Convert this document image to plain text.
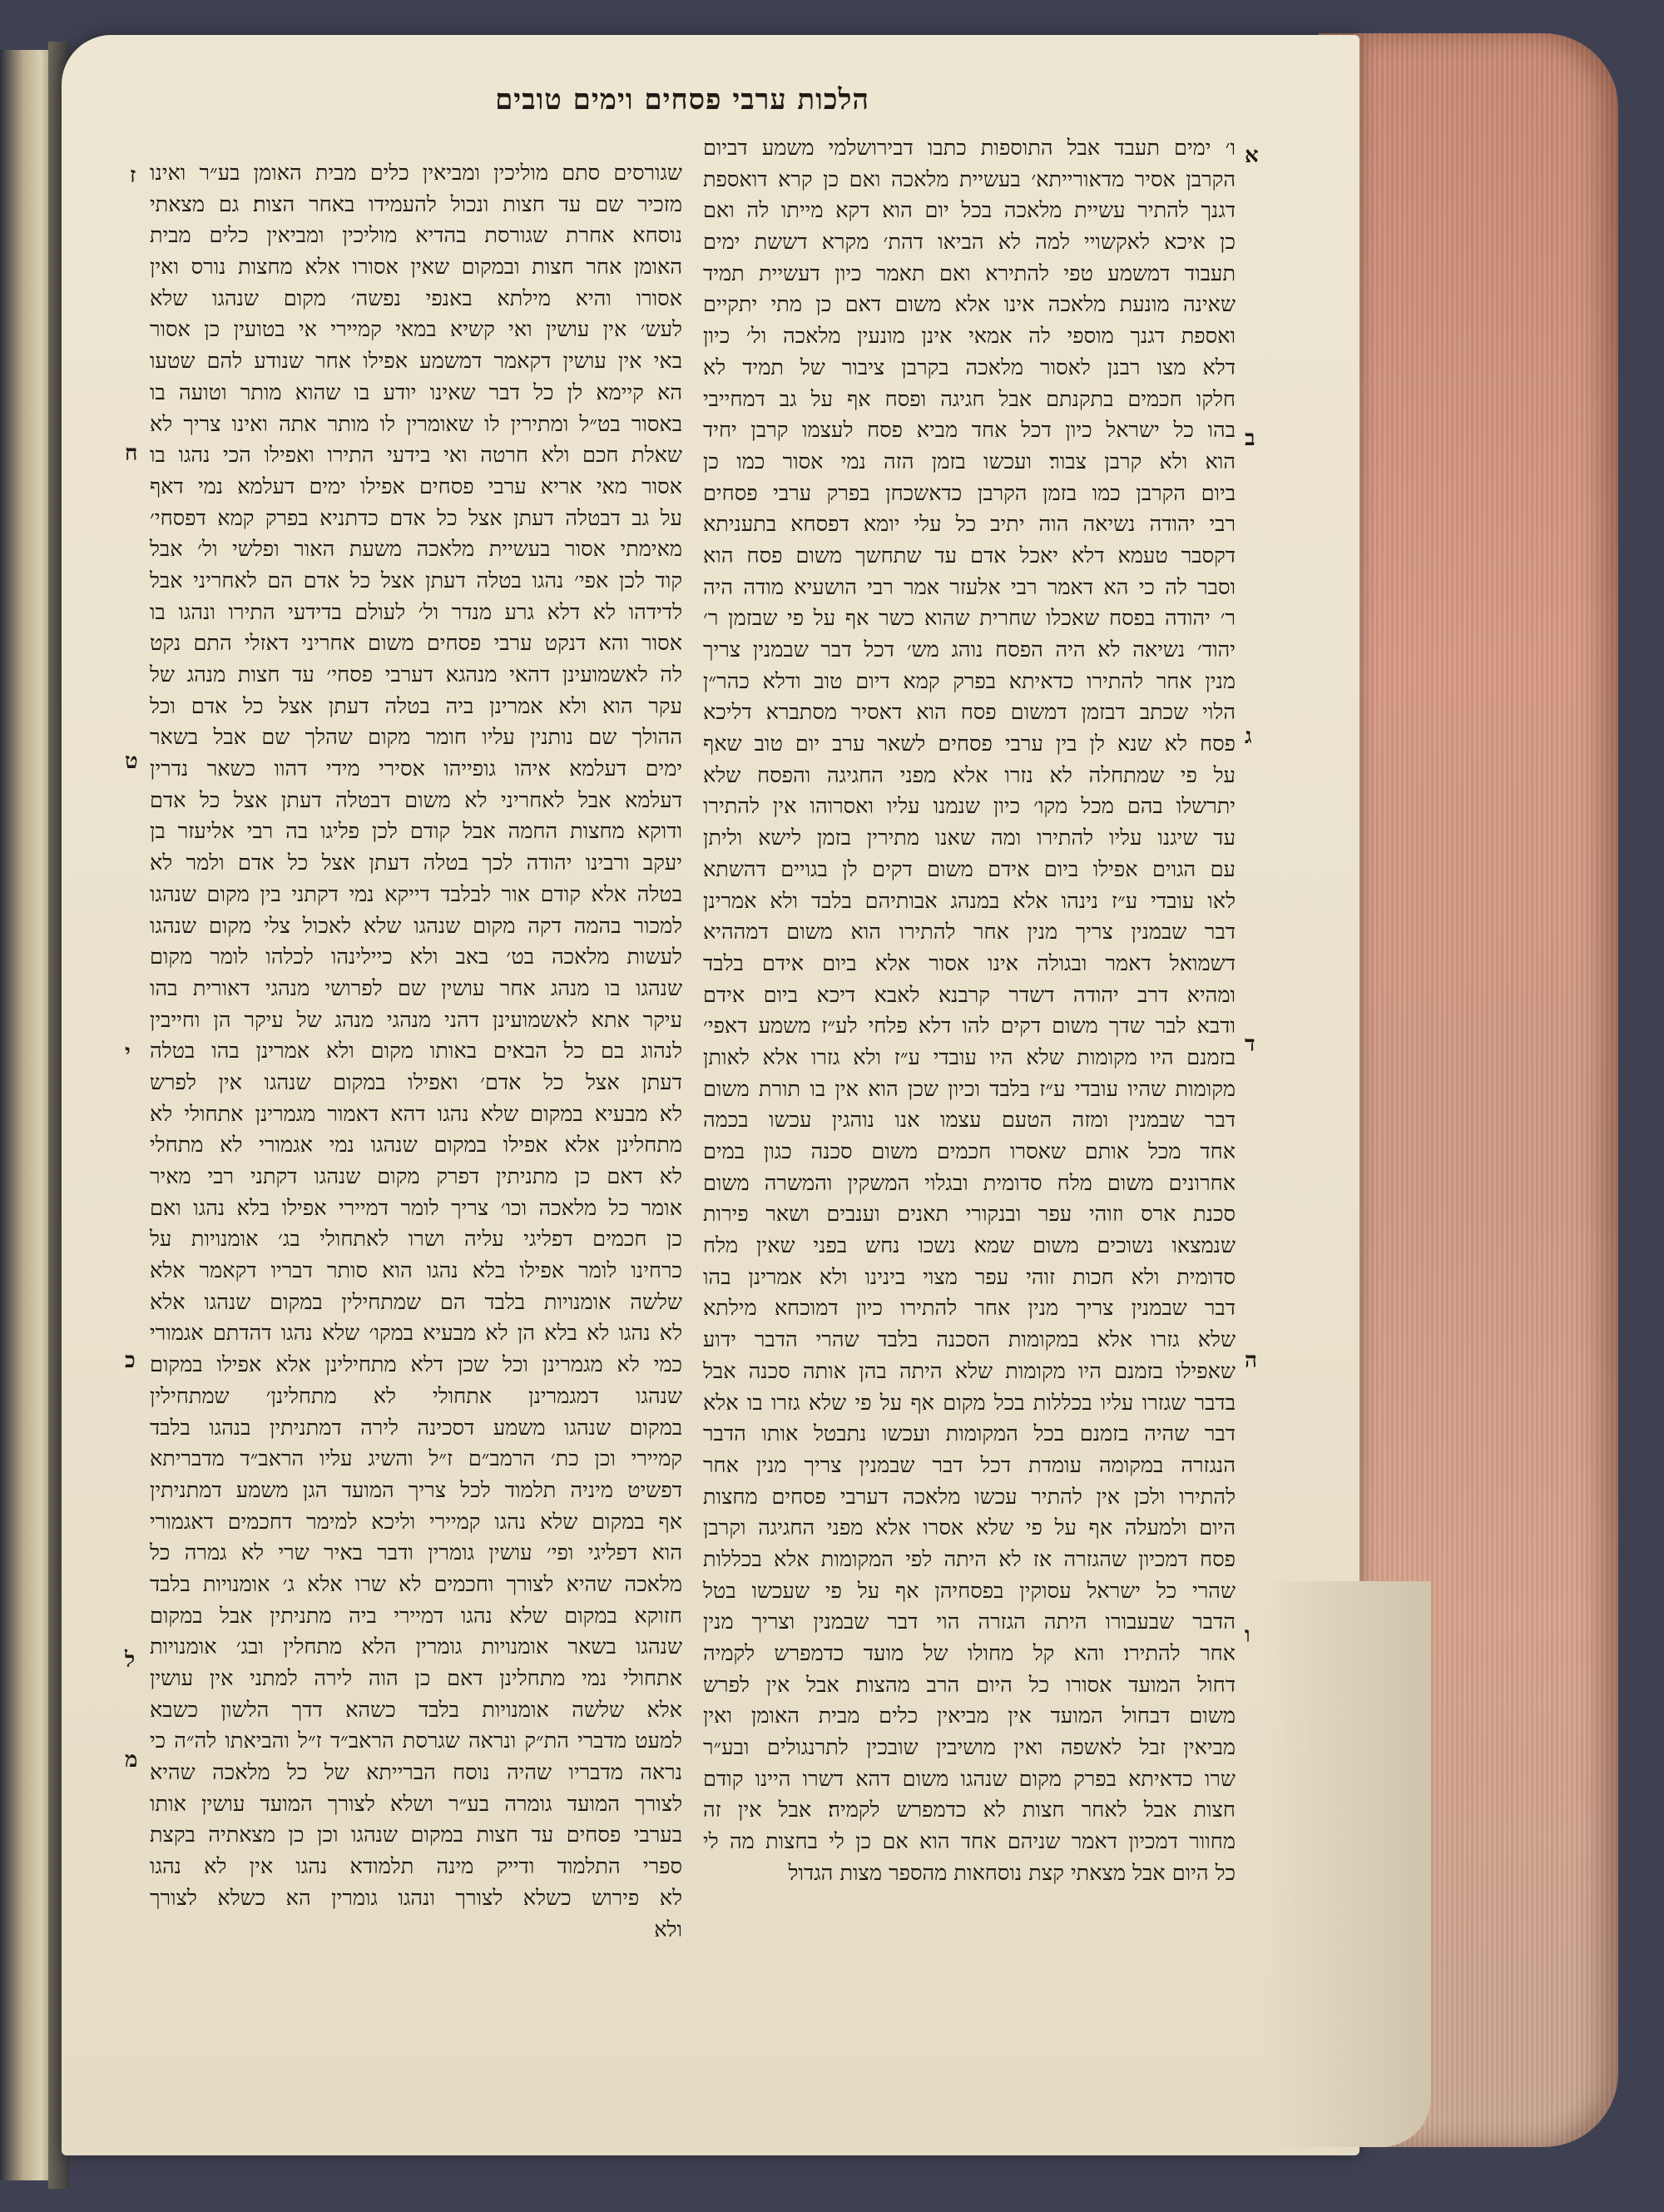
הלכות ערבי פסחים וימים טובים
ו׳ ימים תעבד אבל התוספות כתבו דבירושלמי משמע דביום
הקרבן אסיר מדאורייתא׳ בעשיית מלאכה ואם כן קרא דואספת
דגנך להתיר עשיית מלאכה בכל יום הוא דקא מייתו לה ואם
כן איכא לאקשויי למה לא הביאו דהת׳ מקרא דששת ימים
תעבוד דמשמע טפי להתירא ואם תאמר כיון דעשיית תמיד
שאינה מונעת מלאכה אינו אלא משום דאם כן מתי יתקיים
ואספת דגנך מוספי לה אמאי אינן מונעין מלאכה ול׳ כיון
דלא מצו רבנן לאסור מלאכה בקרבן ציבור של תמיד לא
חלקו חכמים בתקנתם אבל חגיגה ופסח אף על גב דמחייבי
בהו כל ישראל כיון דכל אחד מביא פסח לעצמו קרבן יחיד
הוא ולא קרבן צבור׃ ועכשו בזמן הזה נמי אסור כמו כן
ביום הקרבן כמו בזמן הקרבן כדאשכחן בפרק ערבי פסחים
רבי יהודה נשיאה הוה יתיב כל עלי יומא דפסחא בתעניתא
דקסבר טעמא דלא יאכל אדם עד שתחשך משום פסח הוא
וסבר לה כי הא דאמר רבי אלעזר אמר רבי הושעיא מודה היה
ר׳ יהודה בפסח שאכלו שחרית שהוא כשר אף על פי שבזמן ר׳
יהוד׳ נשיאה לא היה הפסח נוהג מש׳ דכל דבר שבמנין צריך
מנין אחר להתירו כדאיתא בפרק קמא דיום טוב ודלא כהר״ן
הלוי שכתב דבזמן דמשום פסח הוא דאסיר מסתברא דליכא
פסח לא שנא לן בין ערבי פסחים לשאר ערב יום טוב שאף
על פי שמתחלה לא נזרו אלא מפני החגיגה והפסח שלא
יתרשלו בהם מכל מקו׳ כיון שנמנו עליו ואסרוהו אין להתירו
עד שיגנו עליו להתירו ומה שאנו מתירין בזמן לישא וליתן
עם הגוים אפילו ביום אידם משום דקים לן בגויים דהשתא
לאו עובדי ע״ז נינהו אלא במנהג אבותיהם בלבד ולא אמרינן
דבר שבמנין צריך מנין אחר להתירו הוא משום דמההיא
דשמואל דאמר ובגולה אינו אסור אלא ביום אידם בלבד
ומהיא דרב יהודה דשדר קרבנא לאבא דיכא ביום אידם
ודבא לבר שדך משום דקים להו דלא פלחי לע״ז משמע דאפי׳
בזמנם היו מקומות שלא היו עובדי ע״ז ולא גזרו אלא לאותן
מקומות שהיו עובדי ע״ז בלבד וכיון שכן הוא אין בו תורת משום
דבר שבמנין ומזה הטעם עצמו אנו נוהגין עכשו בכמה
אחד מכל אותם שאסרו חכמים משום סכנה כגון במים
אחרונים משום מלח סדומית ובגלוי המשקין והמשרה משום
סכנת ארס וזוהי עפר ובנקורי תאנים וענבים ושאר פירות
שנמצאו נשוכים משום שמא נשכו נחש בפני שאין מלח
סדומית ולא חכות זוהי עפר מצוי בינינו ולא אמרינן בהו
דבר שבמנין צריך מנין אחר להתירו כיון דמוכחא מילתא
שלא גזרו אלא במקומות הסכנה בלבד שהרי הדבר ידוע
שאפילו בזמנם היו מקומות שלא היתה בהן אותה סכנה אבל
בדבר שגזרו עליו בכללות בכל מקום אף על פי שלא גזרו בו אלא
דבר שהיה בזמנם בכל המקומות ועכשו נתבטל אותו הדבר
הנגזרה במקומה עומדת דכל דבר שבמנין צריך מנין אחר
להתירו ולכן אין להתיר עכשו מלאכה דערבי פסחים מחצות
היום ולמעלה אף על פי שלא אסרו אלא מפני החגיגה וקרבן
פסח דמכיון שהגזרה אז לא היתה לפי המקומות אלא בכללות
שהרי כל ישראל עסוקין בפסחיהן אף על פי שעכשו בטל
הדבר שבעבורו היתה הגזרה הוי דבר שבמנין וצריך מנין
אחר להתירו׃ והא קל מחולו של מועד כדמפרש לקמיה
דחול המועד אסורו כל היום הרב מהצות׃ אבל אין לפרש
משום דבחול המועד אין מביאין כלים מבית האומן ואין
מביאין זבל לאשפה ואין מושיבין שובכין לתרנגולים ובע״ר
שרו כדאיתא בפרק מקום שנהגו משום דהא דשרו היינו קודם
חצות אבל לאחר חצות לא כדמפרש לקמיה׃ אבל אין זה
מחוור דמכיון דאמר שניהם אחד הוא אם כן לי בחצות מה לי
כל היום אבל מצאתי קצת נוסחאות מהספר מצות הגדול
שגורסים סתם מוליכין ומביאין כלים מבית האומן בע״ר ואינו
מזכיר שם עד חצות ונכול להעמידו באחר הצות׃ גם מצאתי
נוסחא אחרת שגורסת בהדיא מוליכין ומביאין כלים מבית
האומן אחר חצות ובמקום שאין אסורו אלא מחצות נורס ואין
אסורו והיא מילתא באנפי נפשה׳ מקום שנהגו שלא
לעש׳ אין עושין ואי קשיא במאי קמיירי אי בטועין כן אסור
באי אין עושין דקאמר דמשמע אפילו אחר שנודע להם שטעו
הא קיימא לן כל דבר שאינו יודע בו שהוא מותר וטועה בו
באסור בט״ל ומתירין לו שאומרין לו מותר אתה ואינו צריך לא
שאלת חכם ולא חרטה ואי בידעי התירו ואפילו הכי נהגו בו
אסור מאי אריא ערבי פסחים אפילו ימים דעלמא נמי דאף
על גב דבטלה דעתן אצל כל אדם כדתניא בפרק קמא דפסחי׳
מאימתי אסור בעשיית מלאכה משעת האור ופלשי ול׳ אבל
קוד לכן אפי׳ נהגו בטלה דעתן אצל כל אדם הם לאחריני אבל
לדידהו לא דלא גרע מנדר ול׳ לעולם בדידעי התירו ונהגו בו
אסור והא דנקט ערבי פסחים משום אחריני דאזלי התם נקט
לה לאשמועינן דהאי מנהגא דערבי פסחי׳ עד חצות מנהג של
עקר הוא ולא אמרינן ביה בטלה דעתן אצל כל אדם וכל
ההולך שם נותנין עליו חומר מקום שהלך שם אבל בשאר
ימים דעלמא איהו גופייהו אסירי מידי דהוו כשאר נדרין
דעלמא אבל לאחריני לא משום דבטלה דעתן אצל כל אדם
ודוקא מחצות החמה אבל קודם לכן פליגו בה רבי אליעזר בן
יעקב ורבינו יהודה לכך בטלה דעתן אצל כל אדם ולמר לא
בטלה אלא קודם אור לבלבד דייקא נמי דקתני בין מקום שנהגו
למכור בהמה דקה מקום שנהגו שלא לאכול צלי מקום שנהגו
לעשות מלאכה בט׳ באב ולא כיילינהו לכלהו לומר מקום
שנהגו בו מנהג אחר עושין שם לפרושי מנהגי דאורית בהו
עיקר אתא לאשמועינן דהני מנהגי מנהג של עיקר הן וחייבין
לנהוג בם כל הבאים באותו מקום ולא אמרינן בהו בטלה
דעתן אצל כל אדם׳ ואפילו במקום שנהגו אין לפרש
לא מבעיא במקום שלא נהגו דהא דאמור מגמרינן אתחולי לא
מתחלינן אלא אפילו במקום שנהגו נמי אגמורי לא מתחלי
לא דאם כן מתניתין דפרק מקום שנהגו דקתני רבי מאיר
אומר כל מלאכה וכו׳ צריך לומר דמיירי אפילו בלא נהגו ואם
כן חכמים דפליגי עליה ושרו לאתחולי בג׳ אומנויות על
כרחינו לומר אפילו בלא נהגו הוא סותר דבריו דקאמר אלא
שלשה אומנויות בלבד הם שמתחילין במקום שנהגו אלא
לא נהגו לא בלא הן לא מבעיא במקו׳ שלא נהגו דהדתם אגמורי
כמי לא מגמרינן וכל שכן דלא מתחילינן אלא אפילו במקום
שנהגו דמגמרינן אתחולי לא מתחלינן׳ שמתחילין
במקום שנהגו משמע דסכינה לירה דמתניתין בנהגו בלבד
קמיירי וכן כת׳ הרמב״ם ז״ל והשיג עליו הראב״ד מדבריתא
דפשיט מיניה תלמוד לכל צריך המועד הגן משמע דמתניתין
אף במקום שלא נהגו קמיירי וליכא למימר דחכמים דאגמורי
הוא דפליגי ופי׳ עושין גומרין ודבר באיר שרי לא גמרה כל
מלאכה שהיא לצורך וחכמים לא שרו אלא ג׳ אומנויות בלבד
חזוקא במקום שלא נהגו דמיירי ביה מתניתין אבל במקום
שנהגו בשאר אומנויות גומרין הלא מתחלין ובג׳ אומנויות
אתחולי נמי מתחלינן דאם כן הוה לירה למתני אין עושין
אלא שלשה אומנויות בלבד כשהא דדך הלשון כשבא
למעט מדברי הת״ק ונראה שגרסת הראב״ד ז״ל והביאתו לה״ה כי
נראה מדבריו שהיה נוסח הברייתא של כל מלאכה שהיא
לצורך המועד גומרה בע״ר ושלא לצורך המועד עושין אותו
בערבי פסחים עד חצות במקום שנהגו וכן כן מצאתיה בקצת
ספרי התלמוד ודייק מינה תלמודא נהגו אין לא נהגו
לא פירוש כשלא לצורך ונהגו גומרין הא כשלא לצורך
ולא
א
ב
ג
ד
ה
ו
ז
ח
ט
י
כ
ל
מ
